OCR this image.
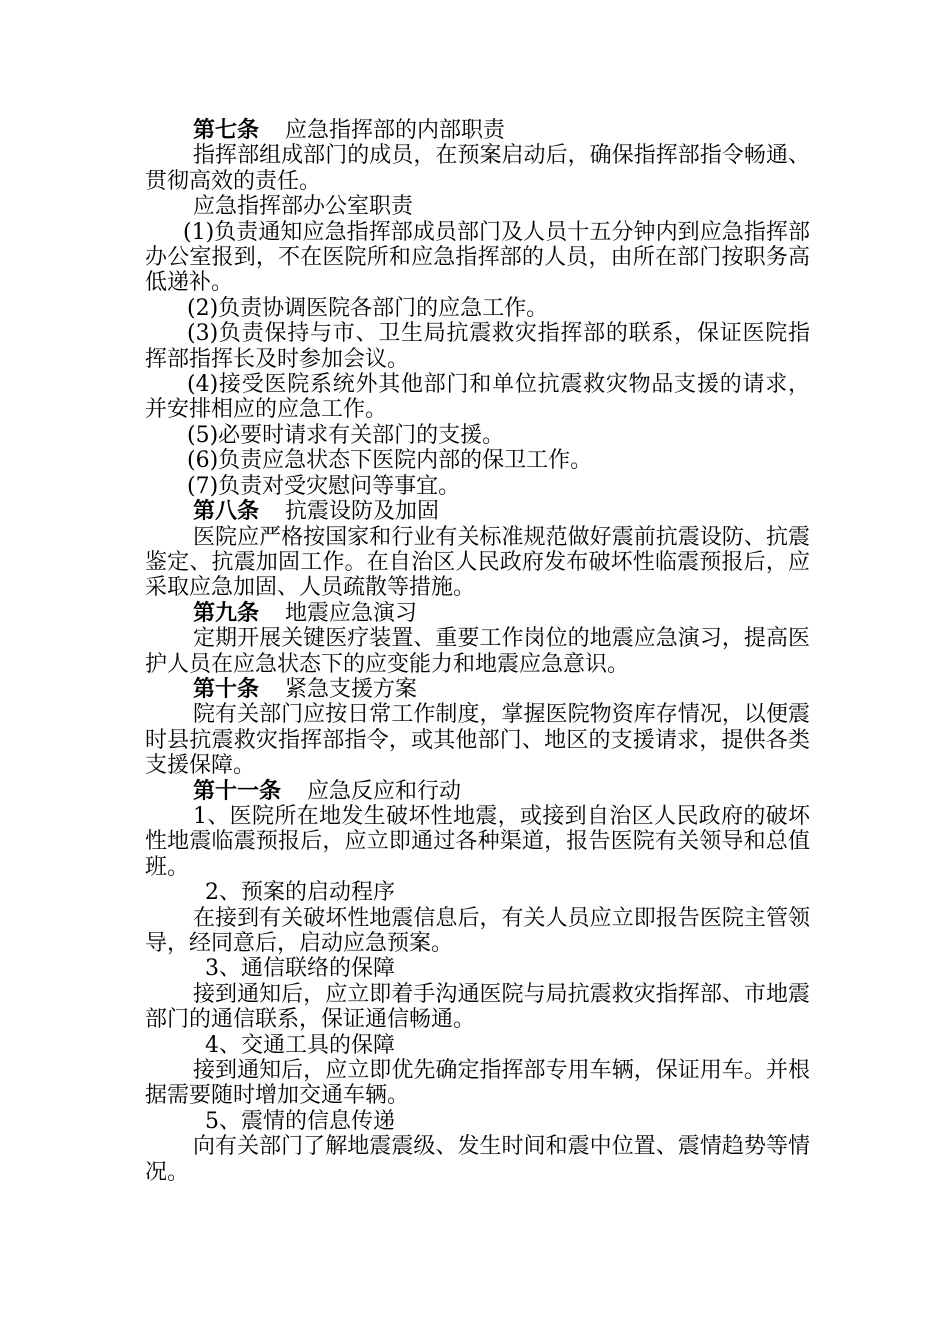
第七条 应急指挥部的内部职责

指挥部组成部门的成员，在预案启动后，确保指挥部指令畅通、贯彻高效的责任。

应急指挥部办公室职责

(1)负责通知应急指挥部成员部门及人员十五分钟内到应急指挥部办公室报到，不在医院所和应急指挥部的人员，由所在部门按职务高低递补。

(2)负责协调医院各部门的应急工作。

(3)负责保持与市、卫生局抗震救灾指挥部的联系，保证医院指挥部指挥长及时参加会议。

(4)接受医院系统外其他部门和单位抗震救灾物品支援的请求，并安排相应的应急工作。

(5)必要时请求有关部门的支援。

(6)负责应急状态下医院内部的保卫工作。

(7)负责对受灾慰问等事宜。

第八条 抗震设防及加固

医院应严格按国家和行业有关标准规范做好震前抗震设防、抗震鉴定、抗震加固工作。在自治区人民政府发布破坏性临震预报后，应采取应急加固、人员疏散等措施。

第九条 地震应急演习

定期开展关键医疗装置、重要工作岗位的地震应急演习，提高医护人员在应急状态下的应变能力和地震应急意识。

第十条 紧急支援方案

院有关部门应按日常工作制度，掌握医院物资库存情况，以便震时县抗震救灾指挥部指令，或其他部门、地区的支援请求，提供各类支援保障。

第十一条 应急反应和行动

1、医院所在地发生破坏性地震，或接到自治区人民政府的破坏性地震临震预报后，应立即通过各种渠道，报告医院有关领导和总值班。

2、预案的启动程序

在接到有关破坏性地震信息后，有关人员应立即报告医院主管领导，经同意后，启动应急预案。

3、通信联络的保障

接到通知后，应立即着手沟通医院与局抗震救灾指挥部、市地震部门的通信联系，保证通信畅通。

4、交通工具的保障

接到通知后，应立即优先确定指挥部专用车辆，保证用车。并根据需要随时增加交通车辆。

5、震情的信息传递

向有关部门了解地震震级、发生时间和震中位置、震情趋势等情况。
